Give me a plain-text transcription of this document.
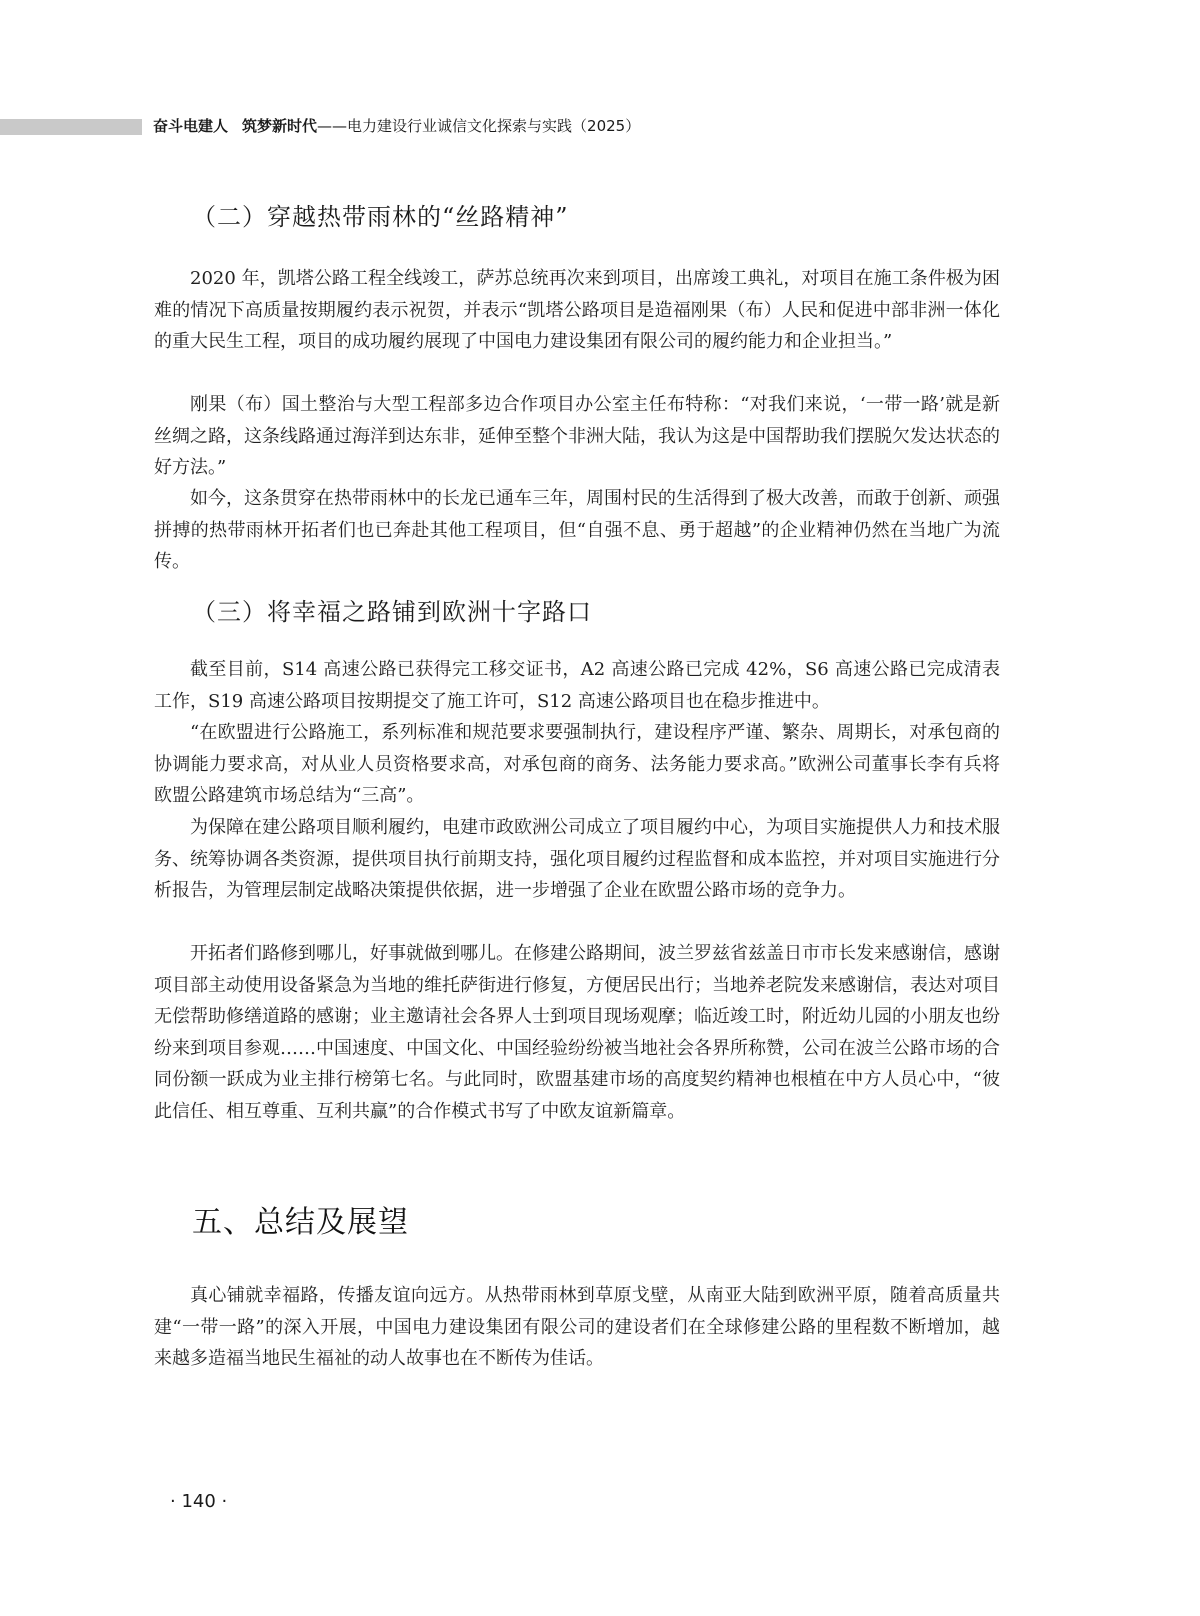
奋斗电建人 筑梦新时代——电力建设行业诚信文化探索与实践（2025）
（二）穿越热带雨林的“丝路精神”

2020 年，凯塔公路工程全线竣工，萨苏总统再次来到项目，出席竣工典礼，对项目在施工条件极为困难的情况下高质量按期履约表示祝贺，并表示“凯塔公路项目是造福刚果（布）人民和促进中部非洲一体化的重大民生工程，项目的成功履约展现了中国电力建设集团有限公司的履约能力和企业担当。”

刚果（布）国土整治与大型工程部多边合作项目办公室主任布特称：“对我们来说，‘一带一路’就是新丝绸之路，这条线路通过海洋到达东非，延伸至整个非洲大陆，我认为这是中国帮助我们摆脱欠发达状态的好方法。”

如今，这条贯穿在热带雨林中的长龙已通车三年，周围村民的生活得到了极大改善，而敢于创新、顽强拼搏的热带雨林开拓者们也已奔赴其他工程项目，但“自强不息、勇于超越”的企业精神仍然在当地广为流传。

（三）将幸福之路铺到欧洲十字路口

截至目前，S14 高速公路已获得完工移交证书，A2 高速公路已完成 42%，S6 高速公路已完成清表工作，S19 高速公路项目按期提交了施工许可，S12 高速公路项目也在稳步推进中。

“在欧盟进行公路施工，系列标准和规范要求要强制执行，建设程序严谨、繁杂、周期长，对承包商的协调能力要求高，对从业人员资格要求高，对承包商的商务、法务能力要求高。”欧洲公司董事长李有兵将欧盟公路建筑市场总结为“三高”。

为保障在建公路项目顺利履约，电建市政欧洲公司成立了项目履约中心，为项目实施提供人力和技术服务、统筹协调各类资源，提供项目执行前期支持，强化项目履约过程监督和成本监控，并对项目实施进行分析报告，为管理层制定战略决策提供依据，进一步增强了企业在欧盟公路市场的竞争力。

开拓者们路修到哪儿，好事就做到哪儿。在修建公路期间，波兰罗兹省兹盖日市市长发来感谢信，感谢项目部主动使用设备紧急为当地的维托萨街进行修复，方便居民出行；当地养老院发来感谢信，表达对项目无偿帮助修缮道路的感谢；业主邀请社会各界人士到项目现场观摩；临近竣工时，附近幼儿园的小朋友也纷纷来到项目参观……中国速度、中国文化、中国经验纷纷被当地社会各界所称赞，公司在波兰公路市场的合同份额一跃成为业主排行榜第七名。与此同时，欧盟基建市场的高度契约精神也根植在中方人员心中，“彼此信任、相互尊重、互利共赢”的合作模式书写了中欧友谊新篇章。

五、总结及展望

真心铺就幸福路，传播友谊向远方。从热带雨林到草原戈壁，从南亚大陆到欧洲平原，随着高质量共建“一带一路”的深入开展，中国电力建设集团有限公司的建设者们在全球修建公路的里程数不断增加，越来越多造福当地民生福祉的动人故事也在不断传为佳话。

· 140 ·
